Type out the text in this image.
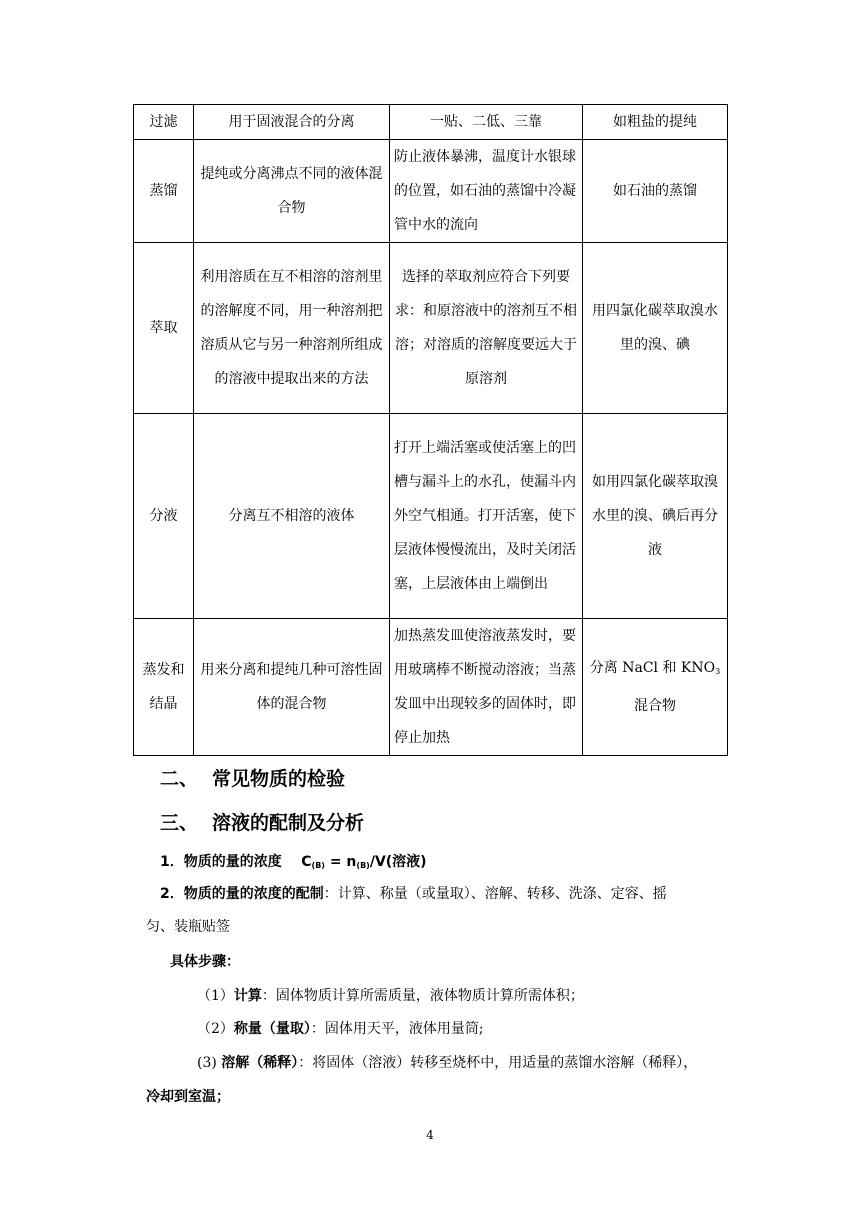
过滤	用于固液混合的分离	一贴、二低、三靠	如粗盐的提纯
蒸馏	提纯或分离沸点不同的液体混合物	防止液体暴沸，温度计水银球的位置，如石油的蒸馏中冷凝管中水的流向	如石油的蒸馏
萃取	利用溶质在互不相溶的溶剂里的溶解度不同，用一种溶剂把溶质从它与另一种溶剂所组成的溶液中提取出来的方法	选择的萃取剂应符合下列要求：和原溶液中的溶剂互不相溶；对溶质的溶解度要远大于原溶剂	用四氯化碳萃取溴水里的溴、碘
分液	分离互不相溶的液体	打开上端活塞或使活塞上的凹槽与漏斗上的水孔，使漏斗内外空气相通。打开活塞，使下层液体慢慢流出，及时关闭活塞，上层液体由上端倒出	如用四氯化碳萃取溴水里的溴、碘后再分液
蒸发和结晶	用来分离和提纯几种可溶性固体的混合物	加热蒸发皿使溶液蒸发时，要用玻璃棒不断搅动溶液；当蒸发皿中出现较多的固体时，即停止加热	分离 NaCl 和 $KNO_3$混合物
二、 常见物质的检验
三、 溶液的配制及分析
1．物质的量的浓度 $C_{(B)} = n_{(B)}/V$(溶液)
2．物质的量的浓度的配制：计算、称量（或量取）、溶解、转移、洗涤、定容、摇
匀、装瓶贴签
具体步骤：
（1）计算：固体物质计算所需质量，液体物质计算所需体积；
（2）称量（量取）：固体用天平，液体用量筒;
(3) 溶解（稀释）：将固体（溶液）转移至烧杯中，用适量的蒸馏水溶解（稀释），
冷却到室温；
4
